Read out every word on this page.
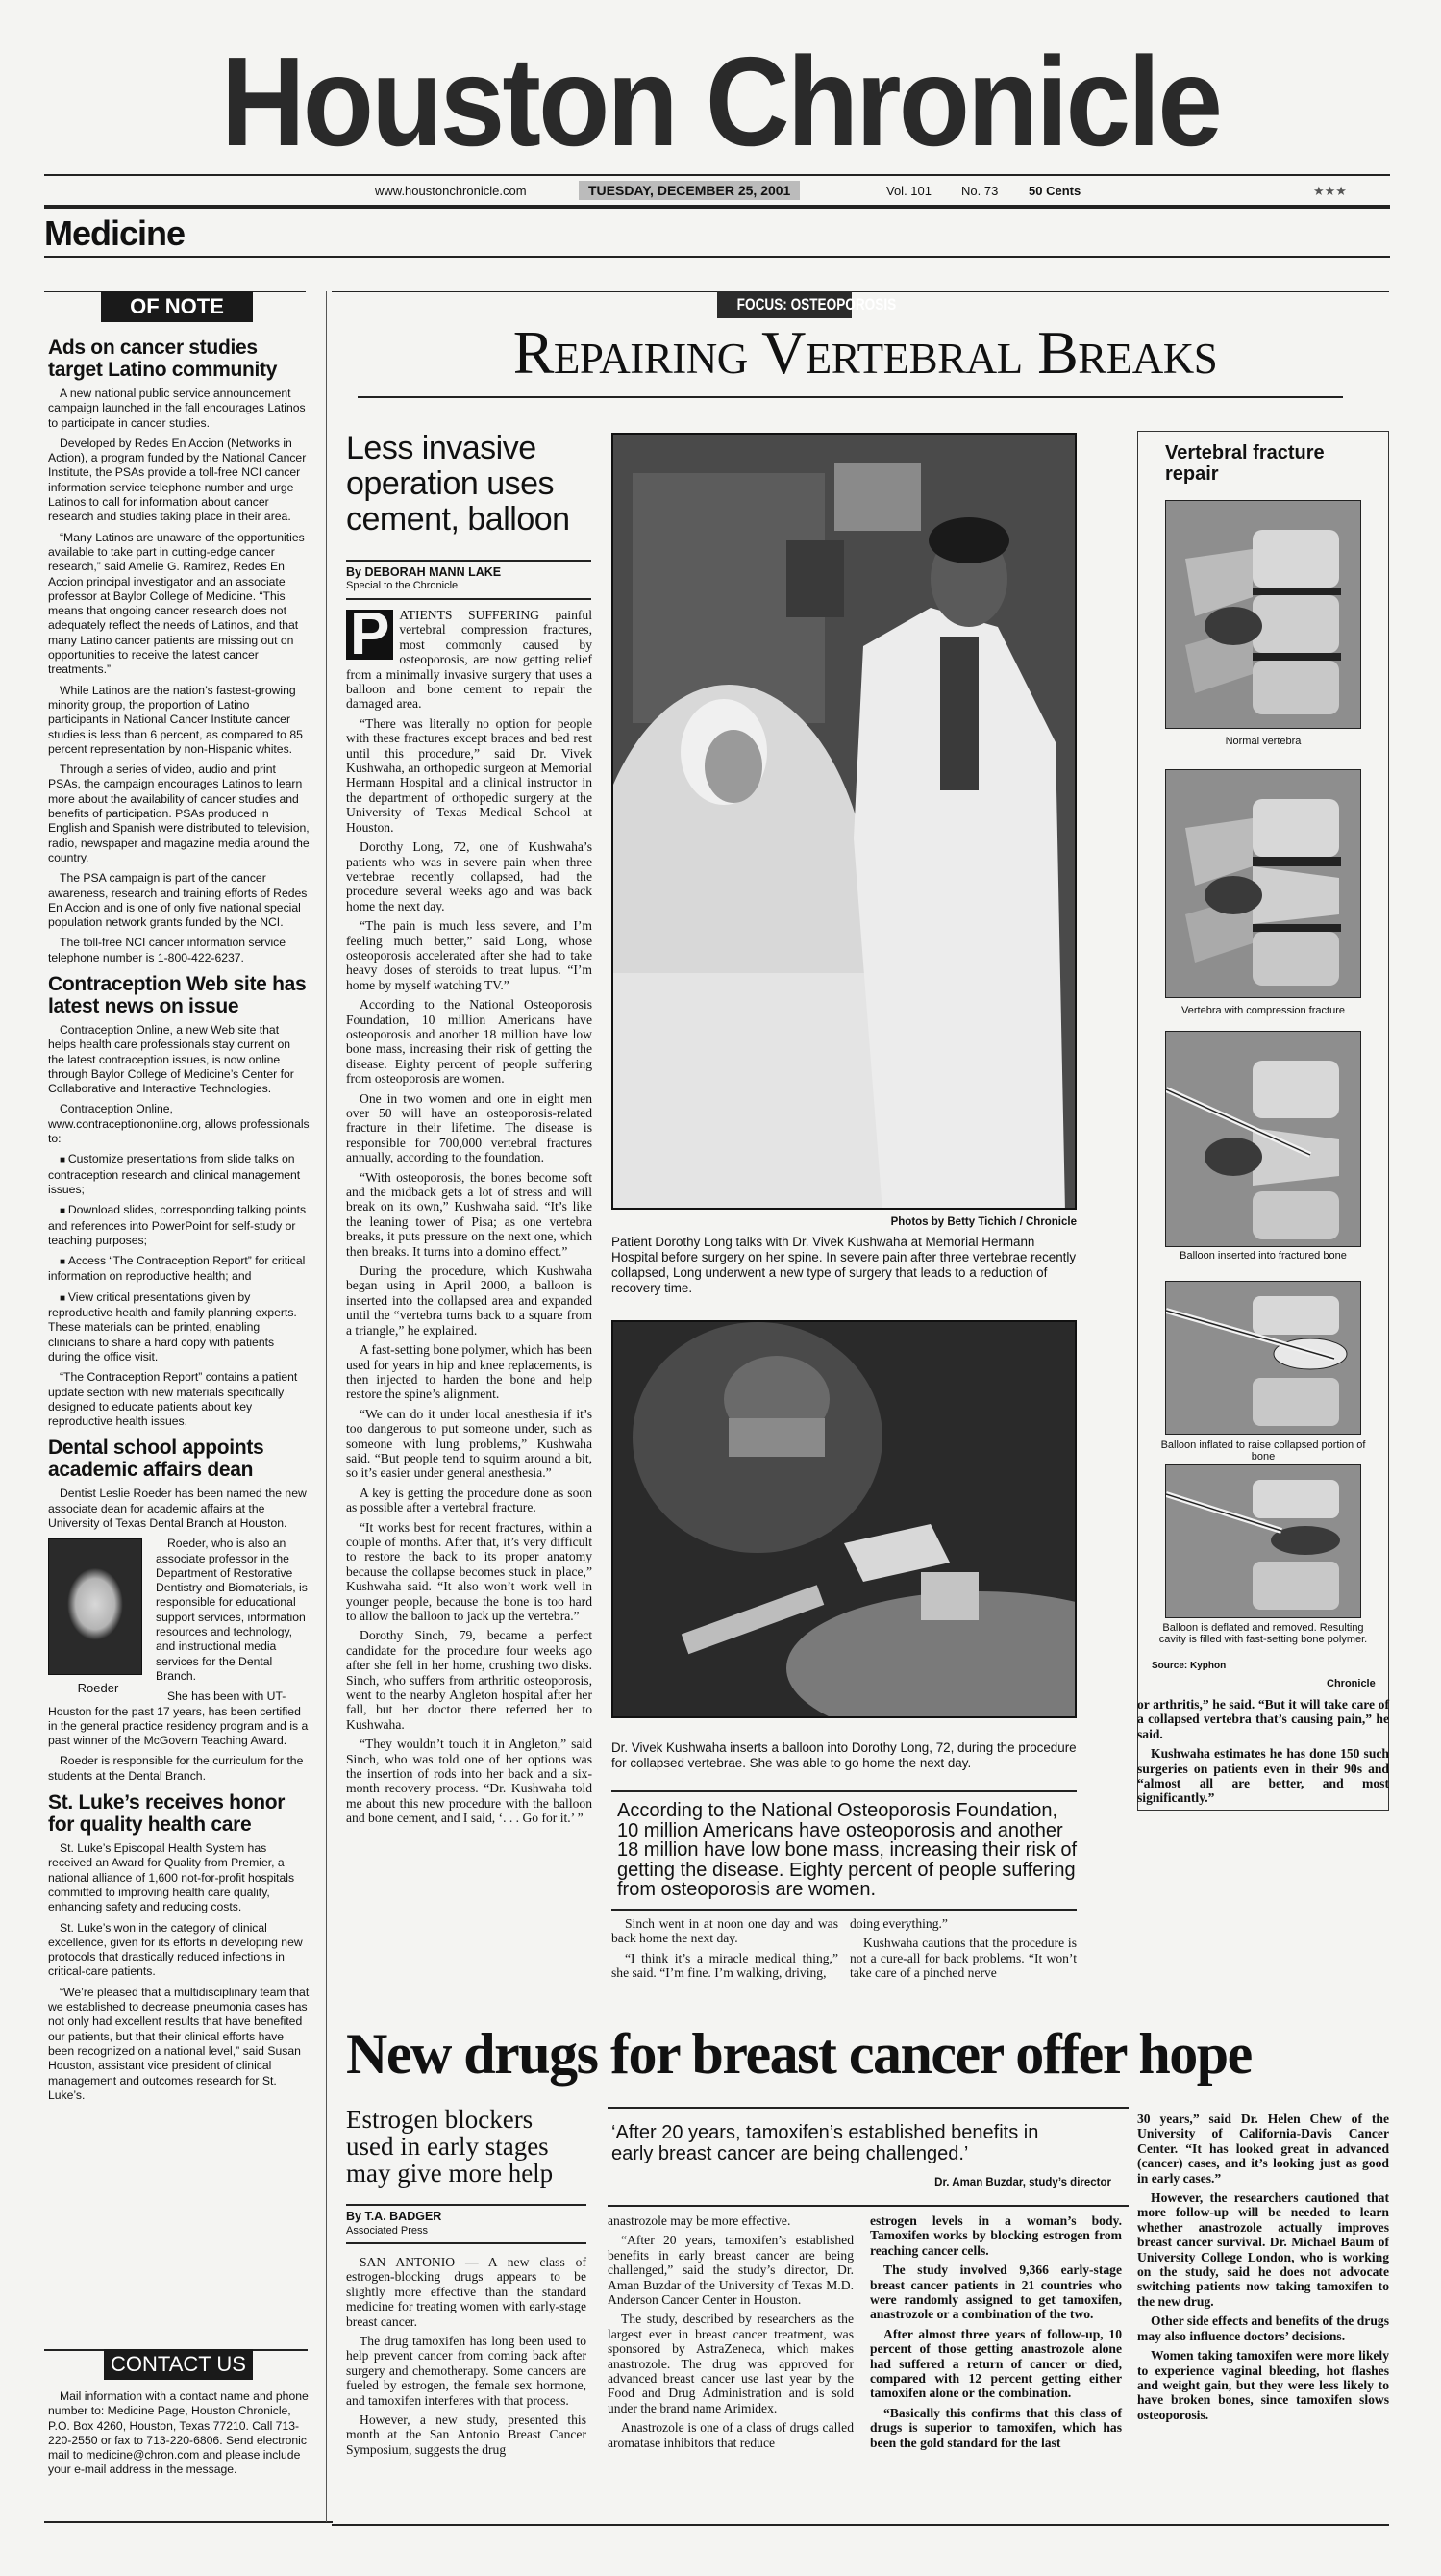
Houston Chronicle
www.houstonchronicle.com	TUESDAY, DECEMBER 25, 2001	Vol. 101 No. 73 50 Cents	★★★
Medicine
OF NOTE
Ads on cancer studies target Latino community

A new national public service announcement campaign launched in the fall encourages Latinos to participate in cancer studies.

Developed by Redes En Accion (Networks in Action), a program funded by the National Cancer Institute, the PSAs provide a toll-free NCI cancer information service telephone number and urge Latinos to call for information about cancer research and studies taking place in their area.

“Many Latinos are unaware of the opportunities available to take part in cutting-edge cancer research,” said Amelie G. Ramirez, Redes En Accion principal investigator and an associate professor at Baylor College of Medicine. “This means that ongoing cancer research does not adequately reflect the needs of Latinos, and that many Latino cancer patients are missing out on opportunities to receive the latest cancer treatments.”

While Latinos are the nation’s fastest-growing minority group, the proportion of Latino participants in National Cancer Institute cancer studies is less than 6 percent, as compared to 85 percent representation by non-Hispanic whites.

Through a series of video, audio and print PSAs, the campaign encourages Latinos to learn more about the availability of cancer studies and benefits of participation. PSAs produced in English and Spanish were distributed to television, radio, newspaper and magazine media around the country.

The PSA campaign is part of the cancer awareness, research and training efforts of Redes En Accion and is one of only five national special population network grants funded by the NCI.

The toll-free NCI cancer information service telephone number is 1-800-422-6237.

Contraception Web site has latest news on issue

Contraception Online, a new Web site that helps health care professionals stay current on the latest contraception issues, is now online through Baylor College of Medicine’s Center for Collaborative and Interactive Technologies.

Contraception Online, www.contraceptiononline.org, allows professionals to:

■ Customize presentations from slide talks on contraception research and clinical management issues;

■ Download slides, corresponding talking points and references into PowerPoint for self-study or teaching purposes;

■ Access “The Contraception Report” for critical information on reproductive health; and

■ View critical presentations given by reproductive health and family planning experts. These materials can be printed, enabling clinicians to share a hard copy with patients during the office visit.

“The Contraception Report” contains a patient update section with new materials specifically designed to educate patients about key reproductive health issues.

Dental school appoints academic affairs dean

Dentist Leslie Roeder has been named the new associate dean for academic affairs at the University of Texas Dental Branch at Houston.

Roeder

Roeder, who is also an associate professor in the Department of Restorative Dentistry and Biomaterials, is responsible for educational support services, information resources and technology, and instructional media services for the Dental Branch.

She has been with UT-Houston for the past 17 years, has been certified in the general practice residency program and is a past winner of the McGovern Teaching Award.

Roeder is responsible for the curriculum for the students at the Dental Branch.

St. Luke’s receives honor for quality health care

St. Luke’s Episcopal Health System has received an Award for Quality from Premier, a national alliance of 1,600 not-for-profit hospitals committed to improving health care quality, enhancing safety and reducing costs.

St. Luke’s won in the category of clinical excellence, given for its efforts in developing new protocols that drastically reduced infections in critical-care patients.

“We’re pleased that a multidisciplinary team that we established to decrease pneumonia cases has not only had excellent results that have benefited our patients, but that their clinical efforts have been recognized on a national level,” said Susan Houston, assistant vice president of clinical management and outcomes research for St. Luke’s.

CONTACT US

Mail information with a contact name and phone number to: Medicine Page, Houston Chronicle, P.O. Box 4260, Houston, Texas 77210. Call 713-220-2550 or fax to 713-220-6806. Send electronic mail to medicine@chron.com and please include your e-mail address in the message.

FOCUS: OSTEOPOROSIS
Repairing Vertebral Breaks
Less invasive operation uses cement, balloon
By DEBORAH MANN LAKE
Special to the Chronicle

P ATIENTS SUFFERING painful vertebral compression fractures, most commonly caused by osteoporosis, are now getting relief from a minimally invasive surgery that uses a balloon and bone cement to repair the damaged area.

“There was literally no option for people with these fractures except braces and bed rest until this procedure,” said Dr. Vivek Kushwaha, an orthopedic surgeon at Memorial Hermann Hospital and a clinical instructor in the department of orthopedic surgery at the University of Texas Medical School at Houston.

Dorothy Long, 72, one of Kushwaha’s patients who was in severe pain when three vertebrae recently collapsed, had the procedure several weeks ago and was back home the next day.

“The pain is much less severe, and I’m feeling much better,” said Long, whose osteoporosis accelerated after she had to take heavy doses of steroids to treat lupus. “I’m home by myself watching TV.”

According to the National Osteoporosis Foundation, 10 million Americans have osteoporosis and another 18 million have low bone mass, increasing their risk of getting the disease. Eighty percent of people suffering from osteoporosis are women.

One in two women and one in eight men over 50 will have an osteoporosis-related fracture in their lifetime. The disease is responsible for 700,000 vertebral fractures annually, according to the foundation.

“With osteoporosis, the bones become soft and the midback gets a lot of stress and will break on its own,” Kushwaha said. “It’s like the leaning tower of Pisa; as one vertebra breaks, it puts pressure on the next one, which then breaks. It turns into a domino effect.”

During the procedure, which Kushwaha began using in April 2000, a balloon is inserted into the collapsed area and expanded until the “vertebra turns back to a square from a triangle,” he explained.

A fast-setting bone polymer, which has been used for years in hip and knee replacements, is then injected to harden the bone and help restore the spine’s alignment.

“We can do it under local anesthesia if it’s too dangerous to put someone under, such as someone with lung problems,” Kushwaha said. “But people tend to squirm around a bit, so it’s easier under general anesthesia.”

A key is getting the procedure done as soon as possible after a vertebral fracture.

“It works best for recent fractures, within a couple of months. After that, it’s very difficult to restore the back to its proper anatomy because the collapse becomes stuck in place,” Kushwaha said. “It also won’t work well in younger people, because the bone is too hard to allow the balloon to jack up the vertebra.”

Dorothy Sinch, 79, became a perfect candidate for the procedure four weeks ago after she fell in her home, crushing two disks. Sinch, who suffers from arthritic osteoporosis, went to the nearby Angleton hospital after her fall, but her doctor there referred her to Kushwaha.

“They wouldn’t touch it in Angleton,” said Sinch, who was told one of her options was the insertion of rods into her back and a six-month recovery process. “Dr. Kushwaha told me about this new procedure with the balloon and bone cement, and I said, ‘. . . Go for it.’ ”

Photos by Betty Tichich / Chronicle
Patient Dorothy Long talks with Dr. Vivek Kushwaha at Memorial Hermann Hospital before surgery on her spine. In severe pain after three vertebrae recently collapsed, Long underwent a new type of surgery that leads to a reduction of recovery time.
Dr. Vivek Kushwaha inserts a balloon into Dorothy Long, 72, during the procedure for collapsed vertebrae. She was able to go home the next day.
According to the National Osteoporosis Foundation, 10 million Americans have osteoporosis and another 18 million have low bone mass, increasing their risk of getting the disease. Eighty percent of people suffering from osteoporosis are women.

Sinch went in at noon one day and was back home the next day.

“I think it’s a miracle medical thing,” she said. “I’m fine. I’m walking, driving,

doing everything.”

Kushwaha cautions that the procedure is not a cure-all for back problems. “It won’t take care of a pinched nerve

Vertebral fracture repair
Normal vertebra
Vertebra with compression fracture
Balloon inserted into fractured bone
Balloon inflated to raise collapsed portion of bone
Balloon is deflated and removed. Resulting cavity is filled with fast-setting bone polymer.
Source: Kyphon
Chronicle

or arthritis,” he said. “But it will take care of a collapsed vertebra that’s causing pain,” he said.

Kushwaha estimates he has done 150 such surgeries on patients even in their 90s and “almost all are better, and most significantly.”

New drugs for breast cancer offer hope
Estrogen blockers used in early stages may give more help
By T.A. BADGER
Associated Press
‘After 20 years, tamoxifen’s established benefits in early breast cancer are being challenged.’
Dr. Aman Buzdar, study’s director

SAN ANTONIO — A new class of estrogen-blocking drugs appears to be slightly more effective than the standard medicine for treating women with early-stage breast cancer.

The drug tamoxifen has long been used to help prevent cancer from coming back after surgery and chemotherapy. Some cancers are fueled by estrogen, the female sex hormone, and tamoxifen interferes with that process.

However, a new study, presented this month at the San Antonio Breast Cancer Symposium, suggests the drug

anastrozole may be more effective.

“After 20 years, tamoxifen’s established benefits in early breast cancer are being challenged,” said the study’s director, Dr. Aman Buzdar of the University of Texas M.D. Anderson Cancer Center in Houston.

The study, described by researchers as the largest ever in breast cancer treatment, was sponsored by AstraZeneca, which makes anastrozole. The drug was approved for advanced breast cancer use last year by the Food and Drug Administration and is sold under the brand name Arimidex.

Anastrozole is one of a class of drugs called aromatase inhibitors that reduce

estrogen levels in a woman’s body. Tamoxifen works by blocking estrogen from reaching cancer cells.

The study involved 9,366 early-stage breast cancer patients in 21 countries who were randomly assigned to get tamoxifen, anastrozole or a combination of the two.

After almost three years of follow-up, 10 percent of those getting anastrozole alone had suffered a return of cancer or died, compared with 12 percent getting either tamoxifen alone or the combination.

“Basically this confirms that this class of drugs is superior to tamoxifen, which has been the gold standard for the last

30 years,” said Dr. Helen Chew of the University of California-Davis Cancer Center. “It has looked great in advanced (cancer) cases, and it’s looking just as good in early cases.”

However, the researchers cautioned that more follow-up will be needed to learn whether anastrozole actually improves breast cancer survival. Dr. Michael Baum of University College London, who is working on the study, said he does not advocate switching patients now taking tamoxifen to the new drug.

Other side effects and benefits of the drugs may also influence doctors’ decisions.

Women taking tamoxifen were more likely to experience vaginal bleeding, hot flashes and weight gain, but they were less likely to have broken bones, since tamoxifen slows osteoporosis.
